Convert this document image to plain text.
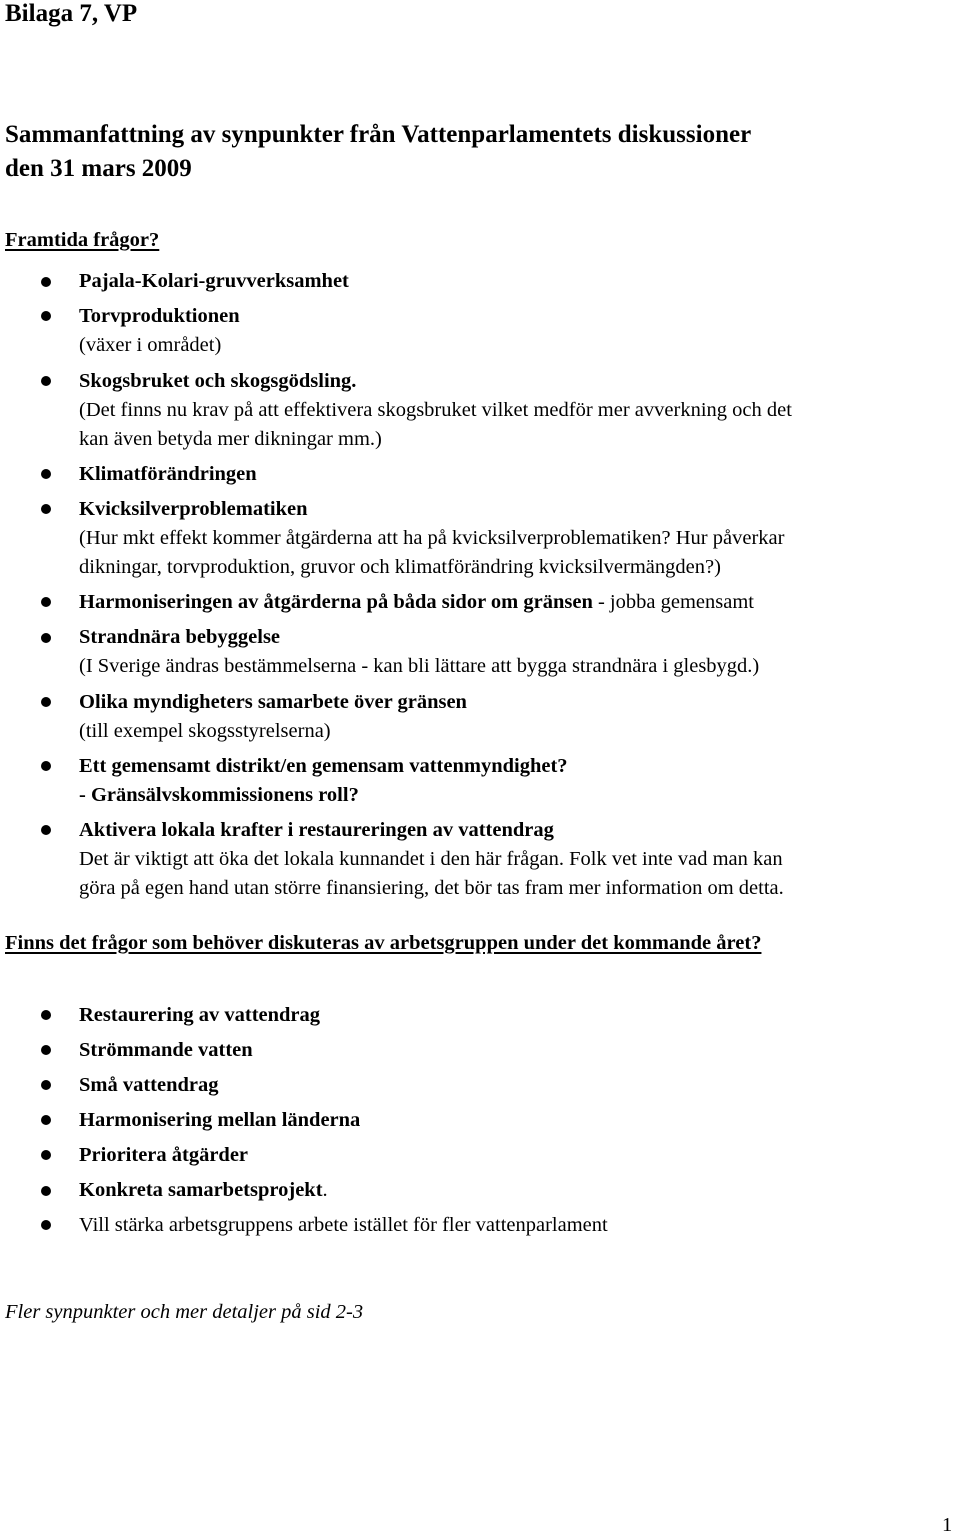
Bilaga 7, VP
Sammanfattning av synpunkter från Vattenparlamentets diskussioner
den 31 mars 2009
Framtida frågor?
Pajala-Kolari-gruvverksamhet
Torvproduktionen
(växer i området)
Skogsbruket och skogsgödsling.
(Det finns nu krav på att effektivera skogsbruket vilket medför mer avverkning och det
kan även betyda mer dikningar mm.)
Klimatförändringen
Kvicksilverproblematiken
(Hur mkt effekt kommer åtgärderna att ha på kvicksilverproblematiken? Hur påverkar
dikningar, torvproduktion, gruvor och klimatförändring kvicksilvermängden?)
Harmoniseringen av åtgärderna på båda sidor om gränsen - jobba gemensamt
Strandnära bebyggelse
(I Sverige ändras bestämmelserna - kan bli lättare att bygga strandnära i glesbygd.)
Olika myndigheters samarbete över gränsen
(till exempel skogsstyrelserna)
Ett gemensamt distrikt/en gemensam vattenmyndighet?
- Gränsälvskommissionens roll?
Aktivera lokala krafter i restaureringen av vattendrag
Det är viktigt att öka det lokala kunnandet i den här frågan. Folk vet inte vad man kan
göra på egen hand utan större finansiering, det bör tas fram mer information om detta.
Finns det frågor som behöver diskuteras av arbetsgruppen under det kommande året?
Restaurering av vattendrag
Strömmande vatten
Små vattendrag
Harmonisering mellan länderna
Prioritera åtgärder
Konkreta samarbetsprojekt.
Vill stärka arbetsgruppens arbete istället för fler vattenparlament
Fler synpunkter och mer detaljer på sid 2-3
1
